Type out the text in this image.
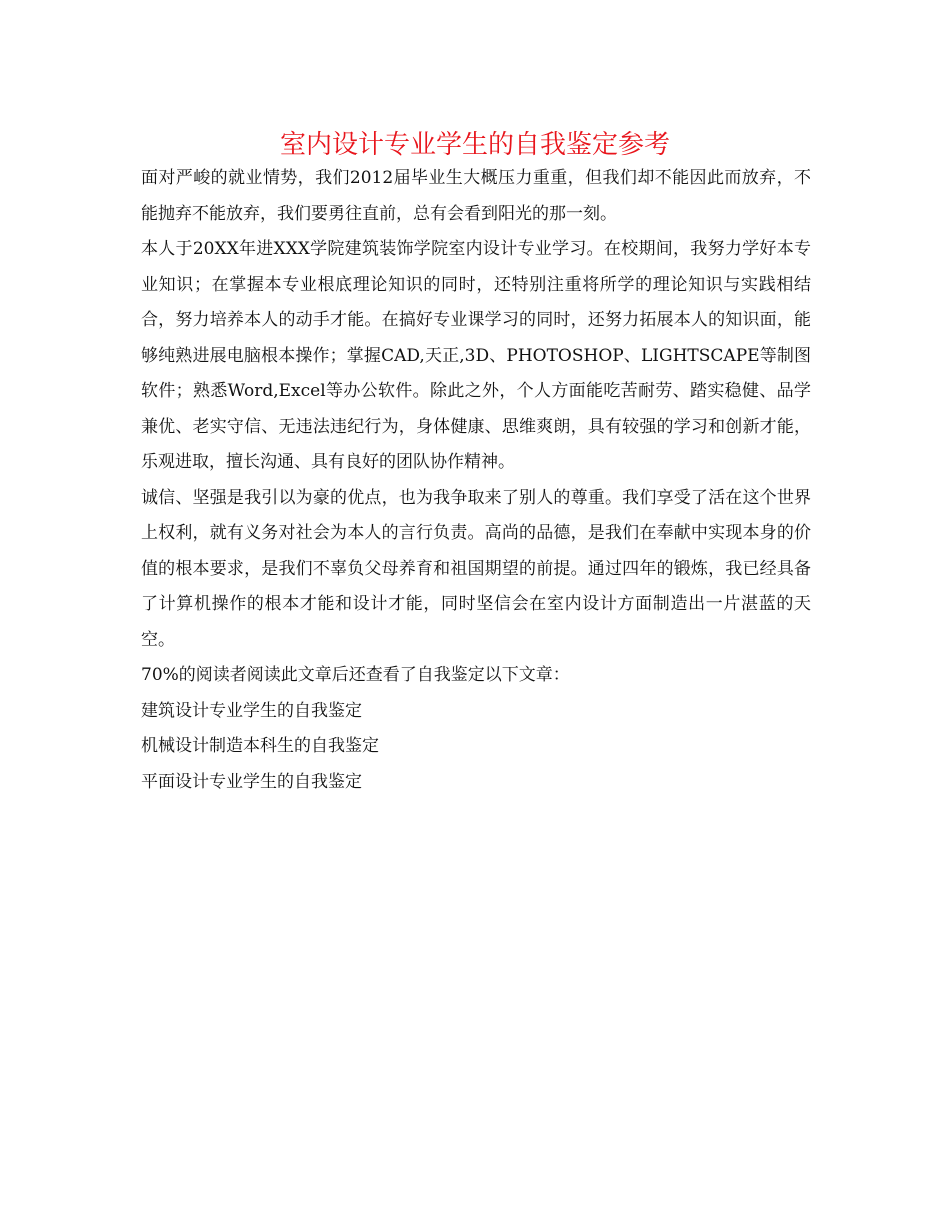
室内设计专业学生的自我鉴定参考

面对严峻的就业情势，我们2012届毕业生大概压力重重，但我们却不能因此而放弃，不能抛弃不能放弃，我们要勇往直前，总有会看到阳光的那一刻。

本人于20XX年进XXX学院建筑装饰学院室内设计专业学习。在校期间，我努力学好本专业知识；在掌握本专业根底理论知识的同时，还特别注重将所学的理论知识与实践相结合，努力培养本人的动手才能。在搞好专业课学习的同时，还努力拓展本人的知识面，能够纯熟进展电脑根本操作；掌握CAD,天正,3D、PHOTOSHOP、LIGHTSCAPE等制图软件；熟悉Word,Excel等办公软件。除此之外，个人方面能吃苦耐劳、踏实稳健、品学兼优、老实守信、无违法违纪行为，身体健康、思维爽朗，具有较强的学习和创新才能，乐观进取，擅长沟通、具有良好的团队协作精神。

诚信、坚强是我引以为豪的优点，也为我争取来了别人的尊重。我们享受了活在这个世界上权利，就有义务对社会为本人的言行负责。高尚的品德，是我们在奉献中实现本身的价值的根本要求，是我们不辜负父母养育和祖国期望的前提。通过四年的锻炼，我已经具备了计算机操作的根本才能和设计才能，同时坚信会在室内设计方面制造出一片湛蓝的天空。

70%的阅读者阅读此文章后还查看了自我鉴定以下文章：

建筑设计专业学生的自我鉴定

机械设计制造本科生的自我鉴定

平面设计专业学生的自我鉴定
